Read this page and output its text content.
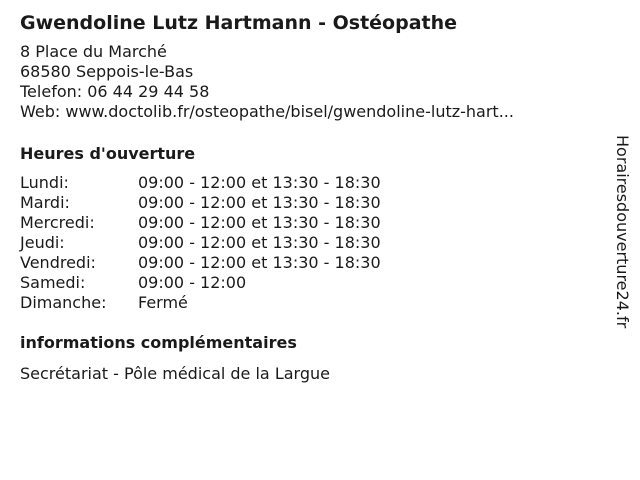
Gwendoline Lutz Hartmann - Ostéopathe
8 Place du Marché
68580 Seppois-le-Bas
Telefon: 06 44 29 44 58
Web: www.doctolib.fr/osteopathe/bisel/gwendoline-lutz-hart...
Heures d'ouverture
Lundi:	09:00 - 12:00 et 13:30 - 18:30
Mardi:	09:00 - 12:00 et 13:30 - 18:30
Mercredi:	09:00 - 12:00 et 13:30 - 18:30
Jeudi:	09:00 - 12:00 et 13:30 - 18:30
Vendredi:	09:00 - 12:00 et 13:30 - 18:30
Samedi:	09:00 - 12:00
Dimanche:	Fermé
informations complémentaires
Secrétariat - Pôle médical de la Largue
Horairesdouverture24.fr
